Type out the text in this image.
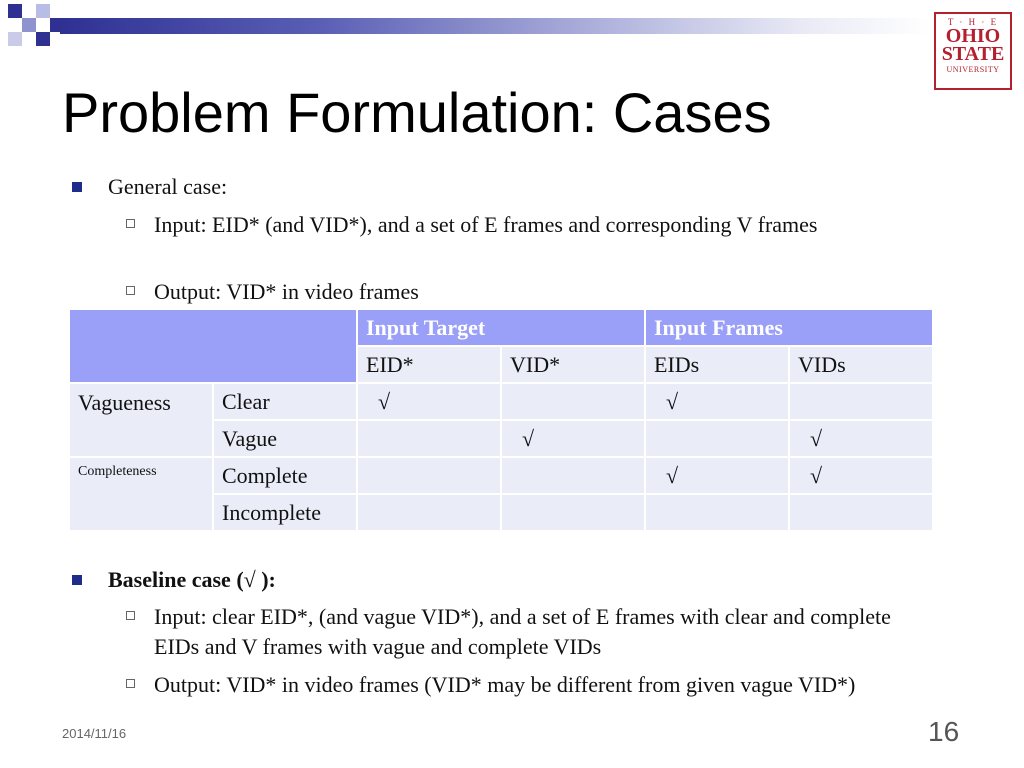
T · H · E
OHIO
STATE
UNIVERSITY
Problem Formulation: Cases
General case:
Input: EID* (and VID*), and a set of E frames and corresponding V frames
Output: VID* in video frames
		Input Target		Input Frames	
		EID*	VID*	EIDs	VIDs
Vagueness	Clear	√		√	
	Vague		√		√
Completeness	Complete			√	√
	Incomplete				
Baseline case (√ ):
Input: clear EID*, (and vague VID*), and a set of E frames with clear and complete EIDs and V frames with vague and complete VIDs
Output: VID* in video frames (VID* may be different from given vague VID*)
2014/11/16	16
